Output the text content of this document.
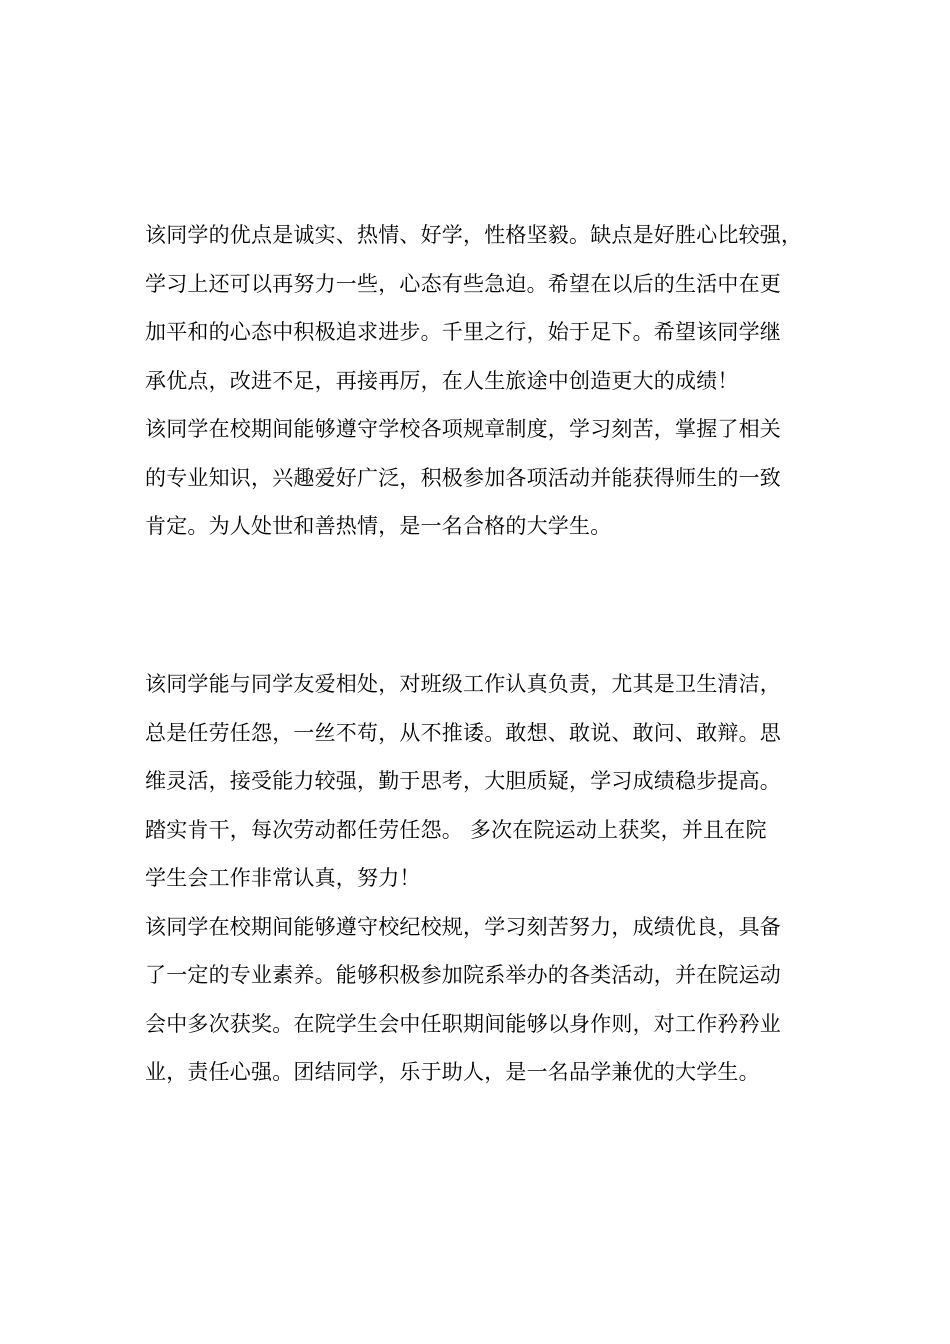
该同学的优点是诚实、热情、好学，性格坚毅。缺点是好胜心比较强，
学习上还可以再努力一些，心态有些急迫。希望在以后的生活中在更
加平和的心态中积极追求进步。千里之行，始于足下。希望该同学继
承优点，改进不足，再接再厉，在人生旅途中创造更大的成绩！
该同学在校期间能够遵守学校各项规章制度，学习刻苦，掌握了相关
的专业知识，兴趣爱好广泛，积极参加各项活动并能获得师生的一致
肯定。为人处世和善热情，是一名合格的大学生。
该同学能与同学友爱相处，对班级工作认真负责，尤其是卫生清洁，
总是任劳任怨，一丝不苟，从不推诿。敢想、敢说、敢问、敢辩。思
维灵活，接受能力较强，勤于思考，大胆质疑，学习成绩稳步提高。
踏实肯干，每次劳动都任劳任怨。 多次在院运动上获奖，并且在院
学生会工作非常认真，努力！
该同学在校期间能够遵守校纪校规，学习刻苦努力，成绩优良，具备
了一定的专业素养。能够积极参加院系举办的各类活动，并在院运动
会中多次获奖。在院学生会中任职期间能够以身作则，对工作矜矜业
业，责任心强。团结同学，乐于助人，是一名品学兼优的大学生。
